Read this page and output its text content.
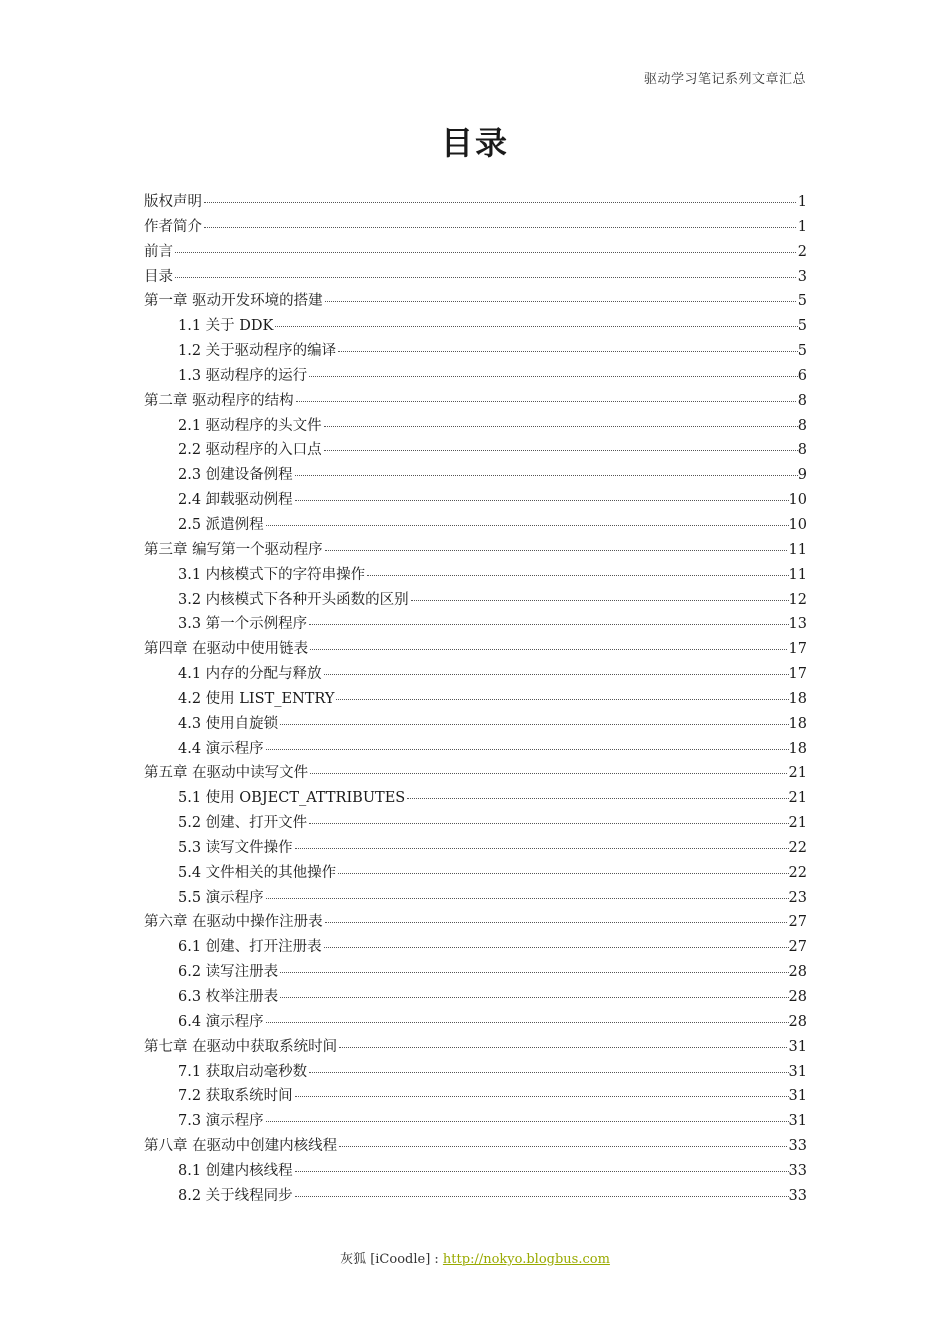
驱动学习笔记系列文章汇总
目录
版权声明	1
作者简介	1
前言	2
目录	3
第一章 驱动开发环境的搭建	5
1.1 关于 DDK	5
1.2 关于驱动程序的编译	5
1.3 驱动程序的运行	6
第二章 驱动程序的结构	8
2.1 驱动程序的头文件	8
2.2 驱动程序的入口点	8
2.3 创建设备例程	9
2.4 卸载驱动例程	10
2.5 派遣例程	10
第三章 编写第一个驱动程序	11
3.1 内核模式下的字符串操作	11
3.2 内核模式下各种开头函数的区别	12
3.3 第一个示例程序	13
第四章 在驱动中使用链表	17
4.1 内存的分配与释放	17
4.2 使用 LIST_ENTRY	18
4.3 使用自旋锁	18
4.4 演示程序	18
第五章 在驱动中读写文件	21
5.1 使用 OBJECT_ATTRIBUTES	21
5.2 创建、打开文件	21
5.3 读写文件操作	22
5.4 文件相关的其他操作	22
5.5 演示程序	23
第六章 在驱动中操作注册表	27
6.1 创建、打开注册表	27
6.2 读写注册表	28
6.3 枚举注册表	28
6.4 演示程序	28
第七章 在驱动中获取系统时间	31
7.1 获取启动毫秒数	31
7.2 获取系统时间	31
7.3 演示程序	31
第八章 在驱动中创建内核线程	33
8.1 创建内核线程	33
8.2 关于线程同步	33
灰狐 [iCoodle] : http://nokyo.blogbus.com
